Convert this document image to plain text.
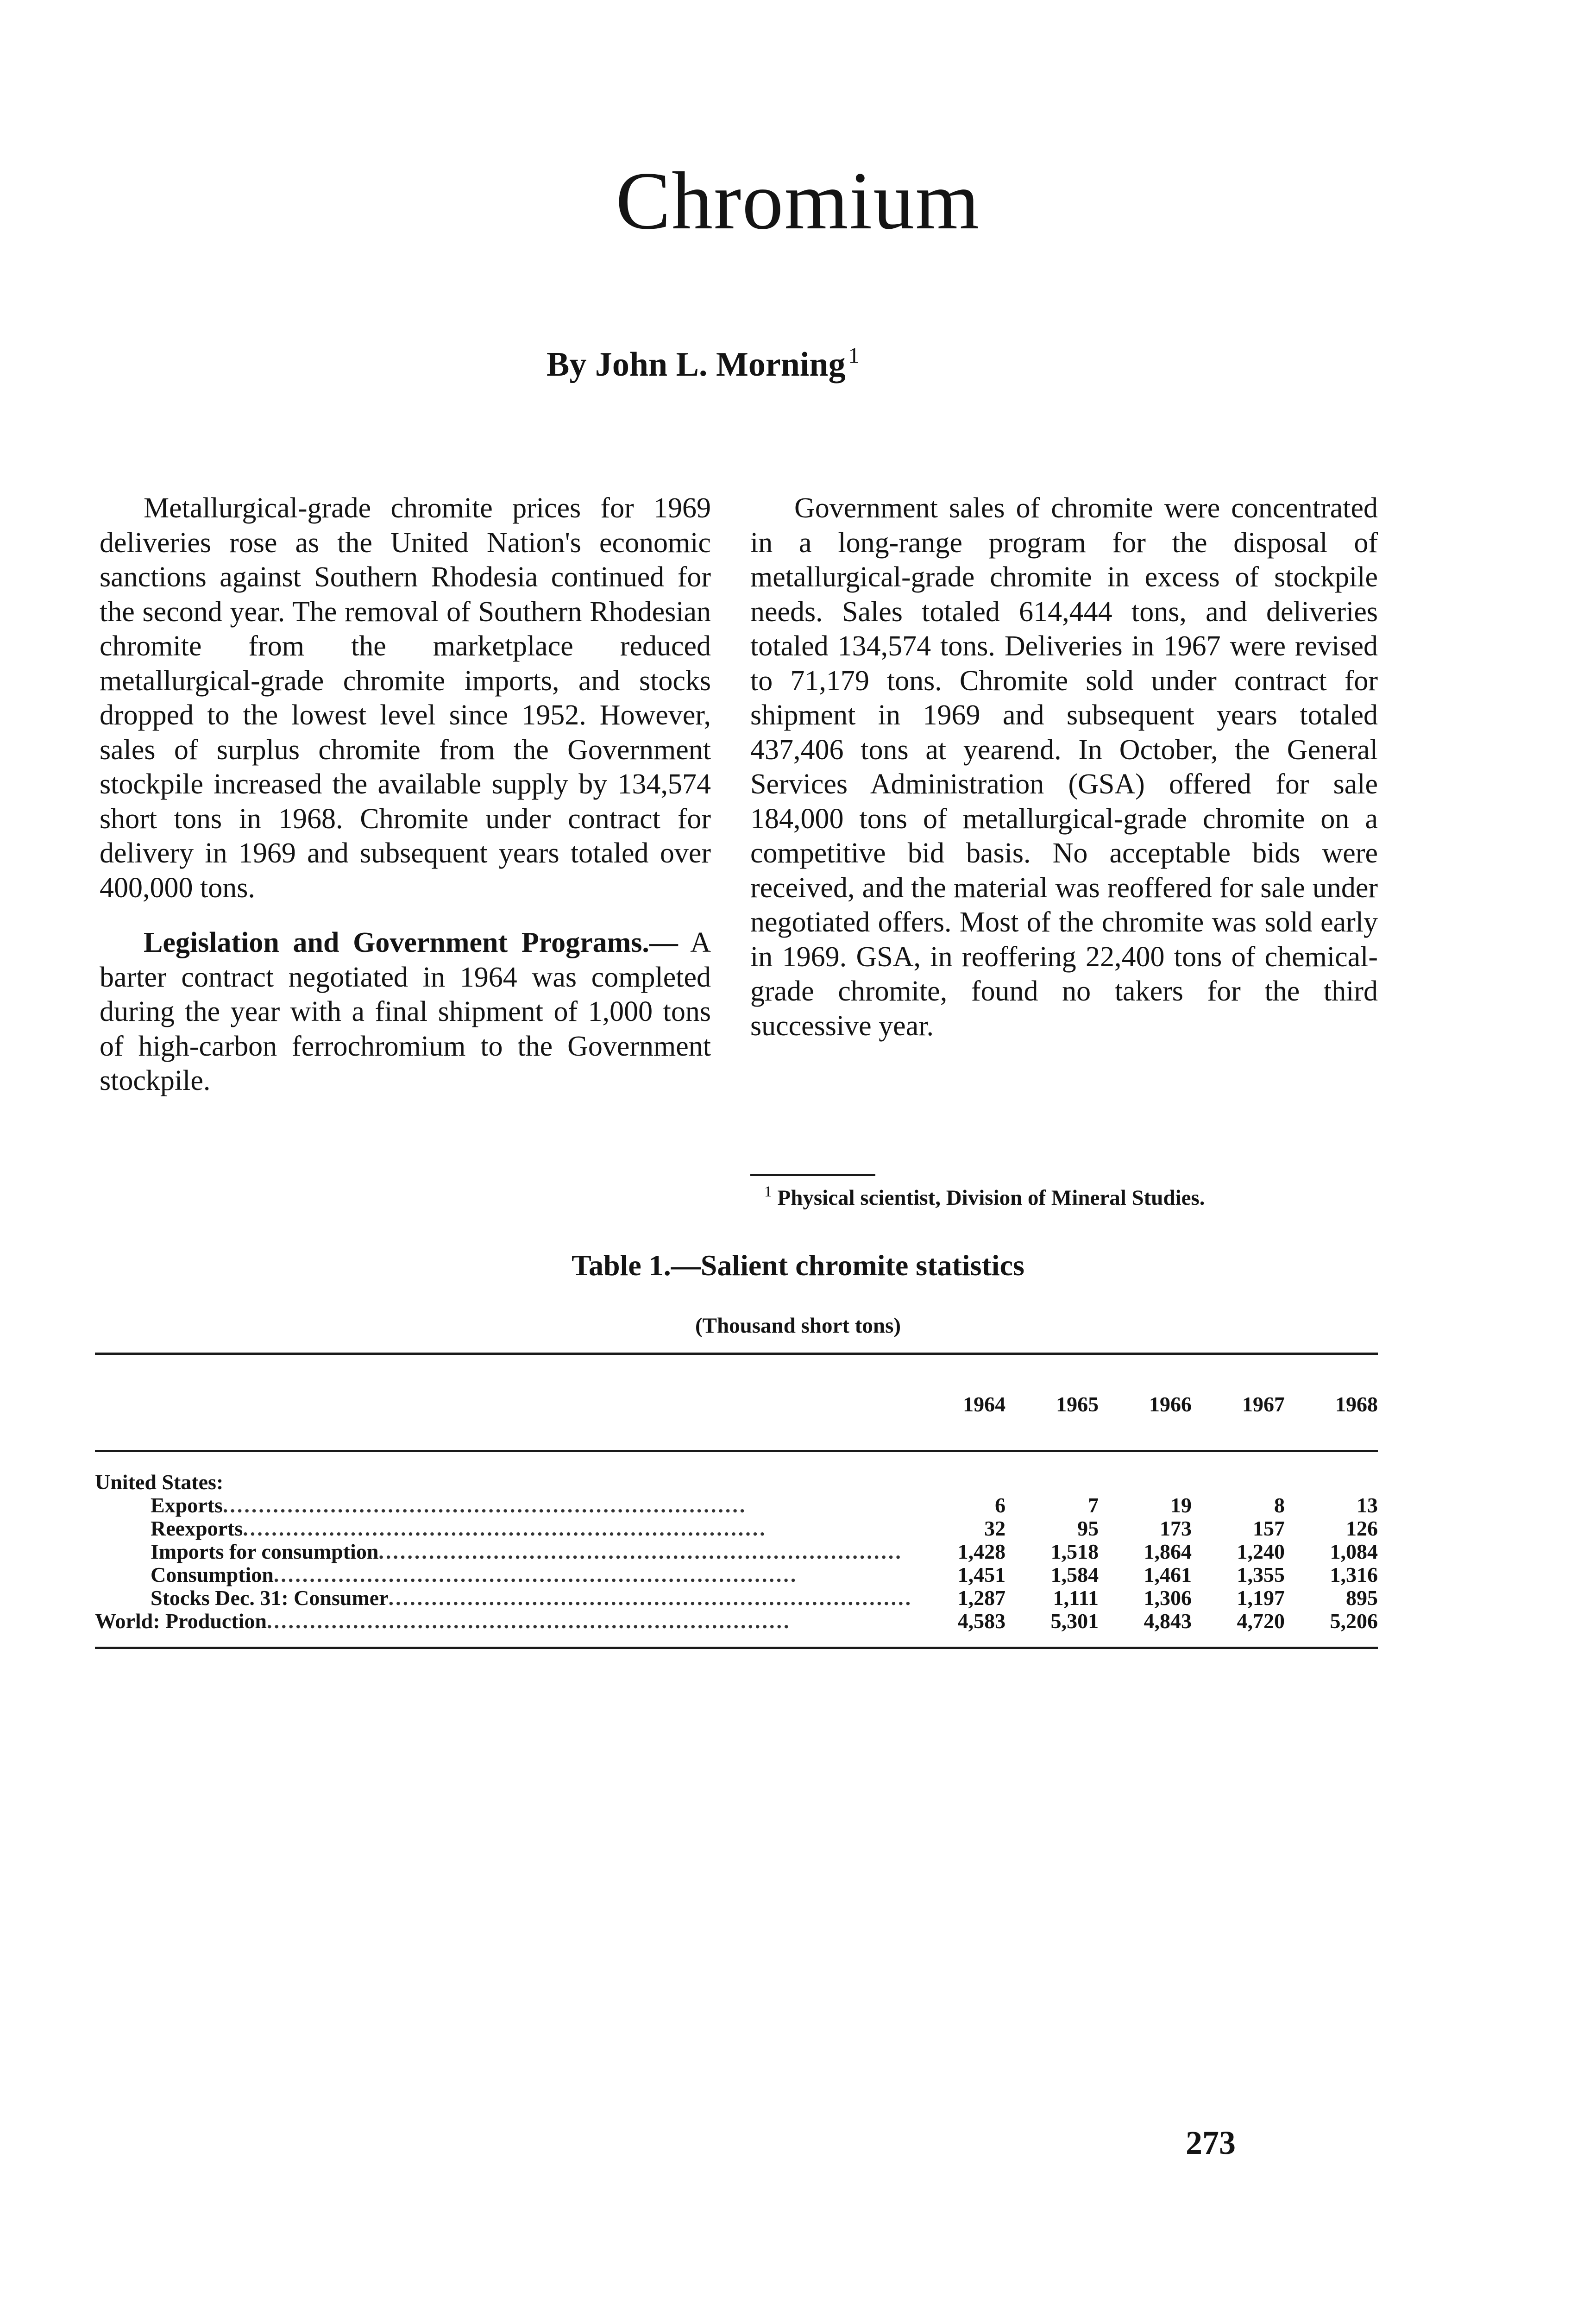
Chromium
By John L. Morning $^1$

Metallurgical-grade chromite prices for 1969 deliveries rose as the United Nation's economic sanctions against Southern Rhodesia continued for the second year. The removal of Southern Rhodesian chromite from the marketplace reduced metallurgical-grade chromite imports, and stocks dropped to the lowest level since 1952. However, sales of surplus chromite from the Government stockpile increased the available supply by 134,574 short tons in 1968. Chromite under contract for delivery in 1969 and subsequent years totaled over 400,000 tons.

Legislation and Government Programs.— A barter contract negotiated in 1964 was completed during the year with a final shipment of 1,000 tons of high-carbon ferrochromium to the Government stockpile.

Government sales of chromite were concentrated in a long-range program for the disposal of metallurgical-grade chromite in excess of stockpile needs. Sales totaled 614,444 tons, and deliveries totaled 134,574 tons. Deliveries in 1967 were revised to 71,179 tons. Chromite sold under contract for shipment in 1969 and subsequent years totaled 437,406 tons at yearend. In October, the General Services Administration (GSA) offered for sale 184,000 tons of metallurgical-grade chromite on a competitive bid basis. No acceptable bids were received, and the material was reoffered for sale under negotiated offers. Most of the chromite was sold early in 1969. GSA, in reoffering 22,400 tons of chemical-grade chromite, found no takers for the third successive year.

$^1$ Physical scientist, Division of Mineral Studies.
Table 1.—Salient chromite statistics
(Thousand short tons)
	1964	1965	1966	1967	1968
United States:					
Exports.........................................................................	6	7	19	8	13
Reexports.........................................................................	32	95	173	157	126
Imports for consumption.........................................................................	1,428	1,518	1,864	1,240	1,084
Consumption.........................................................................	1,451	1,584	1,461	1,355	1,316
Stocks Dec. 31: Consumer.........................................................................	1,287	1,111	1,306	1,197	895
World: Production.........................................................................	4,583	5,301	4,843	4,720	5,206
273
